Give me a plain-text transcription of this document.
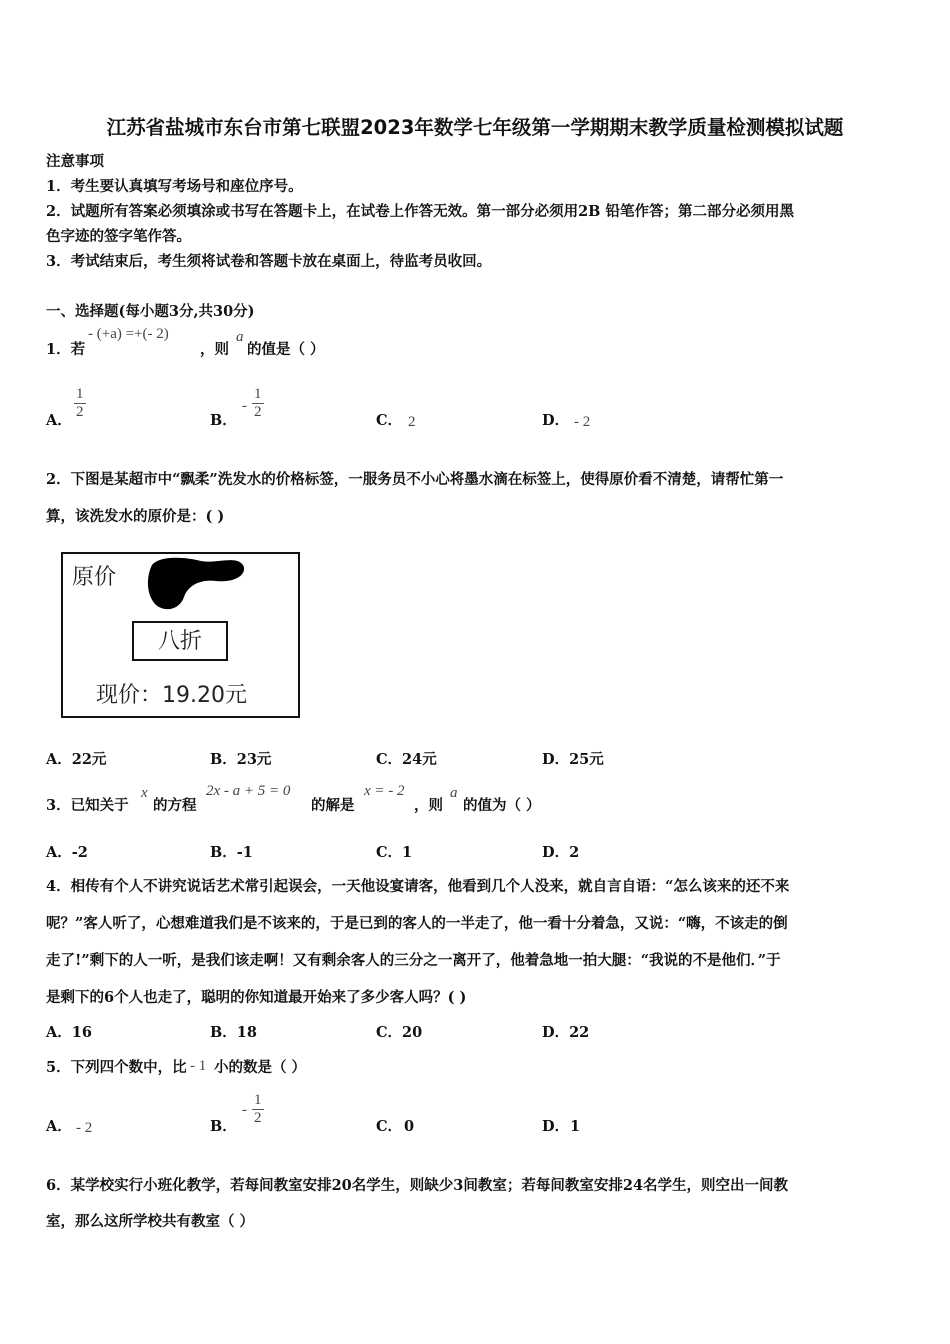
江苏省盐城市东台市第七联盟2023年数学七年级第一学期期末教学质量检测模拟试题
注意事项
1．考生要认真填写考场号和座位序号。
2．试题所有答案必须填涂或书写在答题卡上，在试卷上作答无效。第一部分必须用2B 铅笔作答；第二部分必须用黑
色字迹的签字笔作答。
3．考试结束后，考生须将试卷和答题卡放在桌面上，待监考员收回。
一、选择题(每小题3分,共30分)
1．若
- (+a) =+(- 2)
，则
a
的值是（ ）
A． $\frac{1}{2}$	B．
- $\frac{1}{2}$	C． 2	D． - 2
2．下图是某超市中“飘柔”洗发水的价格标签，一服务员不小心将墨水滴在标签上，使得原价看不清楚，请帮忙第一
算，该洗发水的原价是：( )
原价
八折
现价：19.20元
A．22元	B．23元	C．24元	D．25元
3．已知关于
x
的方程
2x - a + 5 = 0
的解是
x = - 2
，则
a
的值为（ ）
A．-2	B．-1	C．1	D．2
4．相传有个人不讲究说话艺术常引起误会，一天他设宴请客，他看到几个人没来，就自言自语：“怎么该来的还不来
呢？”客人听了，心想难道我们是不该来的，于是已到的客人的一半走了，他一看十分着急，又说：“嗨，不该走的倒
走了!”剩下的人一听，是我们该走啊！又有剩余客人的三分之一离开了，他着急地一拍大腿：“我说的不是他们．”于
是剩下的6个人也走了，聪明的你知道最开始来了多少客人吗？( )
A．16	B．18	C．20	D．22
5．下列四个数中，比 - 1 小的数是（ ）
A． - 2	B．
- $\frac{1}{2}$	C． 0	D． 1
6．某学校实行小班化教学，若每间教室安排20名学生，则缺少3间教室；若每间教室安排24名学生，则空出一间教
室，那么这所学校共有教室（ ）
